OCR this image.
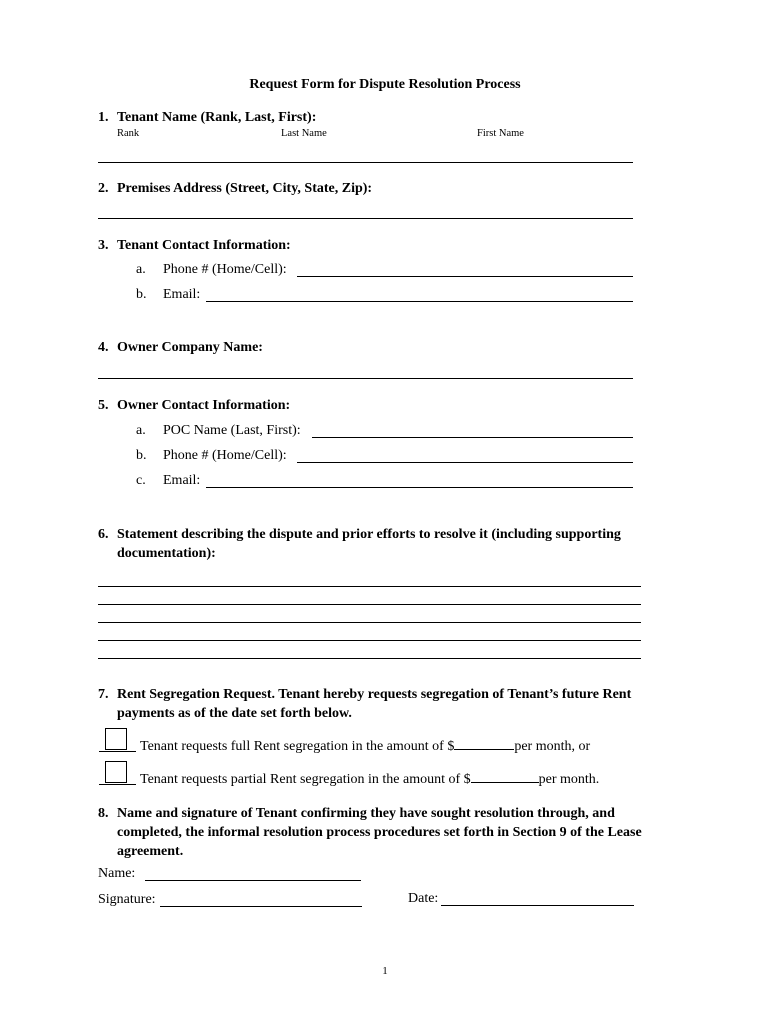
Request Form for Dispute Resolution Process
1. Tenant Name (Rank, Last, First):
Rank	Last Name	First Name
2. Premises Address (Street, City, State, Zip):
3. Tenant Contact Information:
a. Phone # (Home/Cell):
b. Email:
4. Owner Company Name:
5. Owner Contact Information:
a. POC Name (Last, First):
b. Phone # (Home/Cell):
c. Email:
6. Statement describing the dispute and prior efforts to resolve it (including supporting documentation):
7. Rent Segregation Request. Tenant hereby requests segregation of Tenant’s future Rent payments as of the date set forth below.
Tenant requests full Rent segregation in the amount of $	per month, or
Tenant requests partial Rent segregation in the amount of $	per month.
8. Name and signature of Tenant confirming they have sought resolution through, and completed, the informal resolution process procedures set forth in Section 9 of the Lease agreement.
Name:
Signature:	Date:
1
